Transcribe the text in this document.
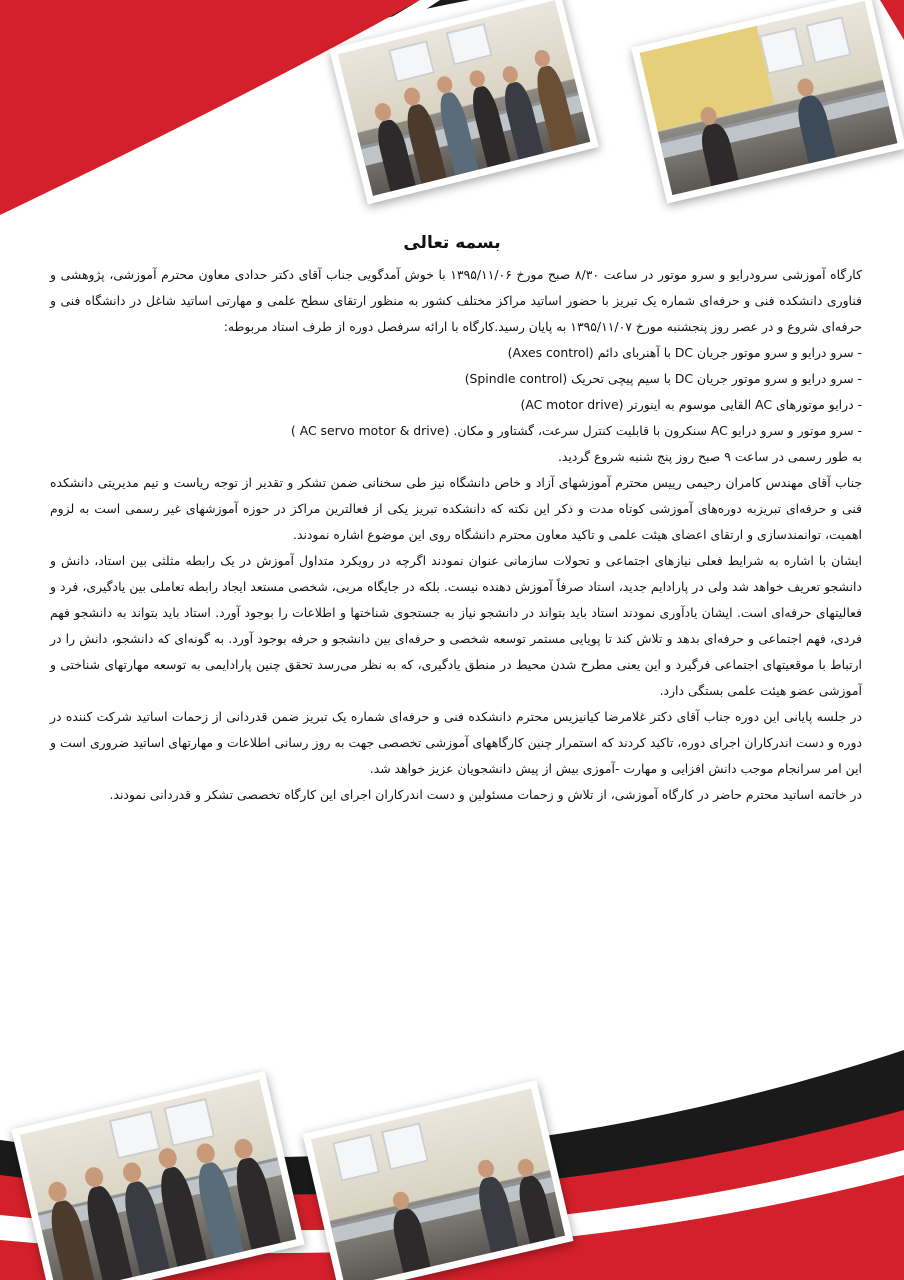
بسمه تعالی

کارگاه آموزشی سرودرایو و سرو موتور در ساعت ۸/۳۰ صبح مورخ ۱۳۹۵/۱۱/۰۶ با خوش آمدگویی جناب آقای دکتر حدادی معاون محترم آموزشی، پژوهشی و فناوری دانشکده فنی و حرفه‌ای شماره یک تبریز با حضور اساتید مراکز مختلف کشور به منظور ارتقای سطح علمی و مهارتی اساتید شاغل در دانشگاه فنی و حرفه‌ای شروع و در عصر روز پنجشنبه مورخ ۱۳۹۵/۱۱/۰۷ به پایان رسید.کارگاه با ارائه سرفصل دوره از طرف استاد مربوطه:

- سرو درایو و سرو موتور جریان DC با آهنربای دائم (Axes control)
- سرو درایو و سرو موتور جریان DC با سیم پیچی تحریک (Spindle control)
- درایو موتورهای AC القایی موسوم به اینورتر (AC motor drive)
- سرو موتور و سرو درایو AC سنکرون با قابلیت کنترل سرعت، گشتاور و مکان. (AC servo motor & drive )

به طور رسمی در ساعت ۹ صبح روز پنج شنبه شروع گردید.

جناب آقای مهندس کامران رحیمی رییس محترم آموزشهای آزاد و خاص دانشگاه نیز طی سخنانی ضمن تشکر و تقدیر از توجه ریاست و تیم مدیریتی دانشکده فنی و حرفه‌ای تبریزبه دوره‌های آموزشی کوتاه مدت و ذکر این نکته که دانشکده تبریز یکی از فعالترین مراکز در حوزه آموزشهای غیر رسمی است به لزوم اهمیت، توانمندسازی و ارتقای اعضای هیئت علمی و تاکید معاون محترم دانشگاه روی این موضوع اشاره نمودند.

ایشان با اشاره به شرایط فعلی نیازهای اجتماعی و تحولات سازمانی عنوان نمودند اگرچه در رویکرد متداول آموزش در یک رابطه مثلثی بین استاد، دانش و دانشجو تعریف خواهد شد ولی در پارادایم جدید، استاد صرفاً آموزش دهنده نیست. بلکه در جایگاه مربی، شخصی مستعد ایجاد رابطه تعاملی بین یادگیری، فرد و فعالیتهای حرفه‌ای است. ایشان یادآوری نمودند استاد باید بتواند در دانشجو نیاز به جستجوی شناختها و اطلاعات را بوجود آورد. استاد باید بتواند به دانشجو فهم فردی، فهم اجتماعی و حرفه‌ای بدهد و تلاش کند تا پویایی مستمر توسعه شخصی و حرفه‌ای بین دانشجو و حرفه بوجود آورد. به گونه‌ای که دانشجو، دانش را در ارتباط با موقعیتهای اجتماعی فرگیرد و این یعنی مطرح شدن محیط در منطق یادگیری، که به نظر می‌رسد تحقق چنین پارادایمی به توسعه مهارتهای شناختی و آموزشی عضو هیئت علمی بستگی دارد.

در جلسه پایانی این دوره جناب آقای دکتر غلامرضا کیانیزیس محترم دانشکده فنی و حرفه‌ای شماره یک تبریز ضمن قدردانی از زحمات اساتید شرکت کننده در دوره و دست اندرکاران اجرای دوره، تاکید کردند که استمرار چنین کارگاههای آموزشی تخصصی جهت به روز رسانی اطلاعات و مهارتهای اساتید ضروری است و این امر سرانجام موجب دانش افزایی و مهارت -آموزی بیش از پیش دانشجویان عزیز خواهد شد.

در خاتمه اساتید محترم حاضر در کارگاه آموزشی، از تلاش و زحمات مسئولین و دست اندرکاران اجرای این کارگاه تخصصی تشکر و قدردانی نمودند.
